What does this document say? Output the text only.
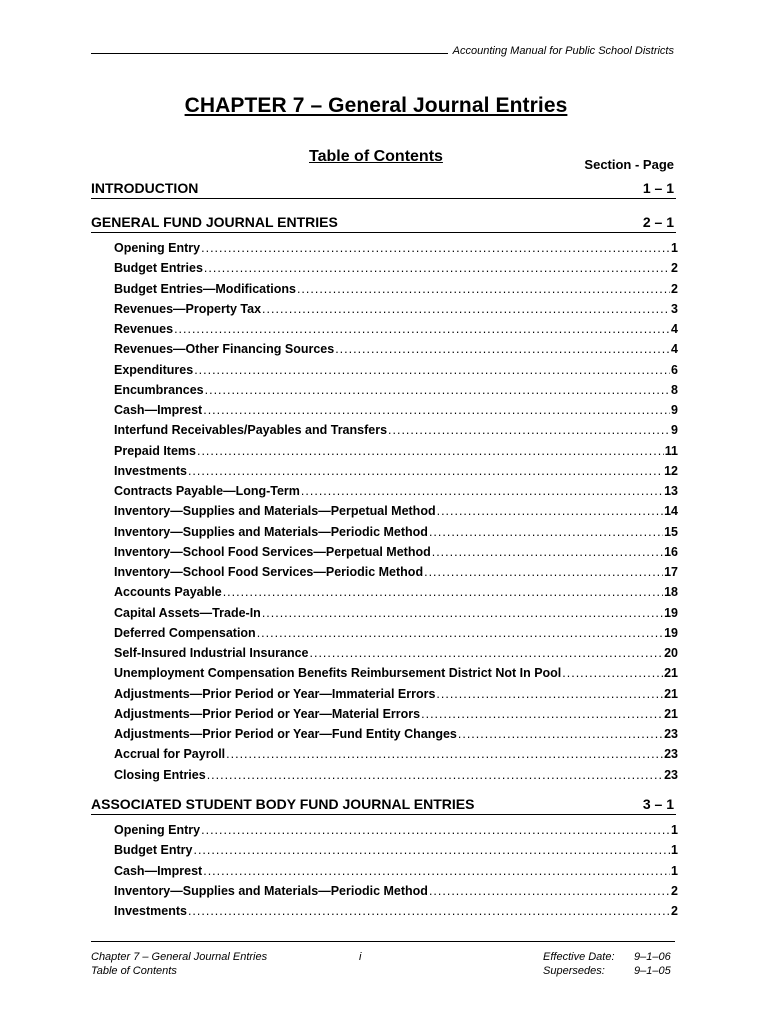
Accounting Manual for Public School Districts
CHAPTER 7 – General Journal Entries
Table of Contents	Section - Page
INTRODUCTION	1 – 1
GENERAL FUND JOURNAL ENTRIES	2 – 1
Opening Entry .....	1
Budget Entries .....	2
Budget Entries—Modifications .....	2
Revenues—Property Tax .....	3
Revenues .....	4
Revenues—Other Financing Sources .....	4
Expenditures .....	6
Encumbrances .....	8
Cash—Imprest .....	9
Interfund Receivables/Payables and Transfers .....	9
Prepaid Items .....	11
Investments .....	12
Contracts Payable—Long-Term .....	13
Inventory—Supplies and Materials—Perpetual Method .....	14
Inventory—Supplies and Materials—Periodic Method .....	15
Inventory—School Food Services—Perpetual Method .....	16
Inventory—School Food Services—Periodic Method .....	17
Accounts Payable .....	18
Capital Assets—Trade-In .....	19
Deferred Compensation .....	19
Self-Insured Industrial Insurance .....	20
Unemployment Compensation Benefits Reimbursement District Not In Pool .....	21
Adjustments—Prior Period or Year—Immaterial Errors .....	21
Adjustments—Prior Period or Year—Material Errors .....	21
Adjustments—Prior Period or Year—Fund Entity Changes .....	23
Accrual for Payroll .....	23
Closing Entries .....	23
ASSOCIATED STUDENT BODY FUND JOURNAL ENTRIES	3 – 1
Opening Entry .....	1
Budget Entry .....	1
Cash—Imprest .....	1
Inventory—Supplies and Materials—Periodic Method .....	2
Investments .....	2
Chapter 7 – General Journal Entries
Table of Contents
i	Effective Date:
Supersedes:
9–1–06
9–1–05
